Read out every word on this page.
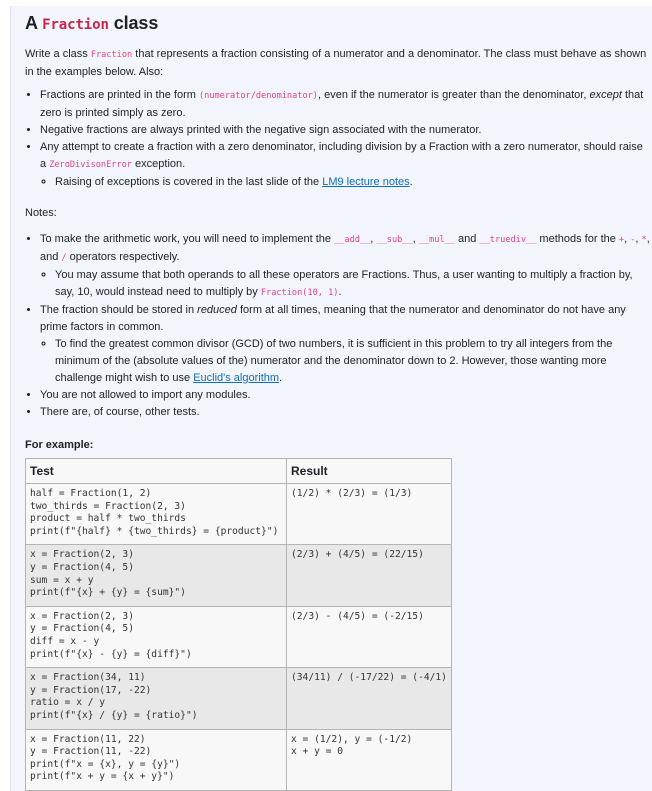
A Fraction class

Write a class Fraction that represents a fraction consisting of a numerator and a denominator. The class must behave as shown in the examples below. Also:

• Fractions are printed in the form (numerator/denominator), even if the numerator is greater than the denominator, except that zero is printed simply as zero.
• Negative fractions are always printed with the negative sign associated with the numerator.
• Any attempt to create a fraction with a zero denominator, including division by a Fraction with a zero numerator, should raise a ZeroDivisonError exception.
◦ Raising of exceptions is covered in the last slide of the LM9 lecture notes.

Notes:

• To make the arithmetic work, you will need to implement the __add__, __sub__, __mul__ and __truediv__ methods for the +, -, *, and / operators respectively.
◦ You may assume that both operands to all these operators are Fractions. Thus, a user wanting to multiply a fraction by, say, 10, would instead need to multiply by Fraction(10, 1).
• The fraction should be stored in reduced form at all times, meaning that the numerator and denominator do not have any prime factors in common.
◦ To find the greatest common divisor (GCD) of two numbers, it is sufficient in this problem to try all integers from the minimum of the (absolute values of the) numerator and the denominator down to 2. However, those wanting more challenge might wish to use Euclid's algorithm.
• You are not allowed to import any modules.
• There are, of course, other tests.

For example:

Test	Result
half = Fraction(1, 2)
two_thirds = Fraction(2, 3)
product = half * two_thirds
print(f"{half} * {two_thirds} = {product}")	(1/2) * (2/3) = (1/3)
x = Fraction(2, 3)
y = Fraction(4, 5)
sum = x + y
print(f"{x} + {y} = {sum}")	(2/3) + (4/5) = (22/15)
x = Fraction(2, 3)
y = Fraction(4, 5)
diff = x - y
print(f"{x} - {y} = {diff}")	(2/3) - (4/5) = (-2/15)
x = Fraction(34, 11)
y = Fraction(17, -22)
ratio = x / y
print(f"{x} / {y} = {ratio}")	(34/11) / (-17/22) = (-4/1)
x = Fraction(11, 22)
y = Fraction(11, -22)
print(f"x = {x}, y = {y}")
print(f"x + y = {x + y}")	x = (1/2), y = (-1/2)
x + y = 0
